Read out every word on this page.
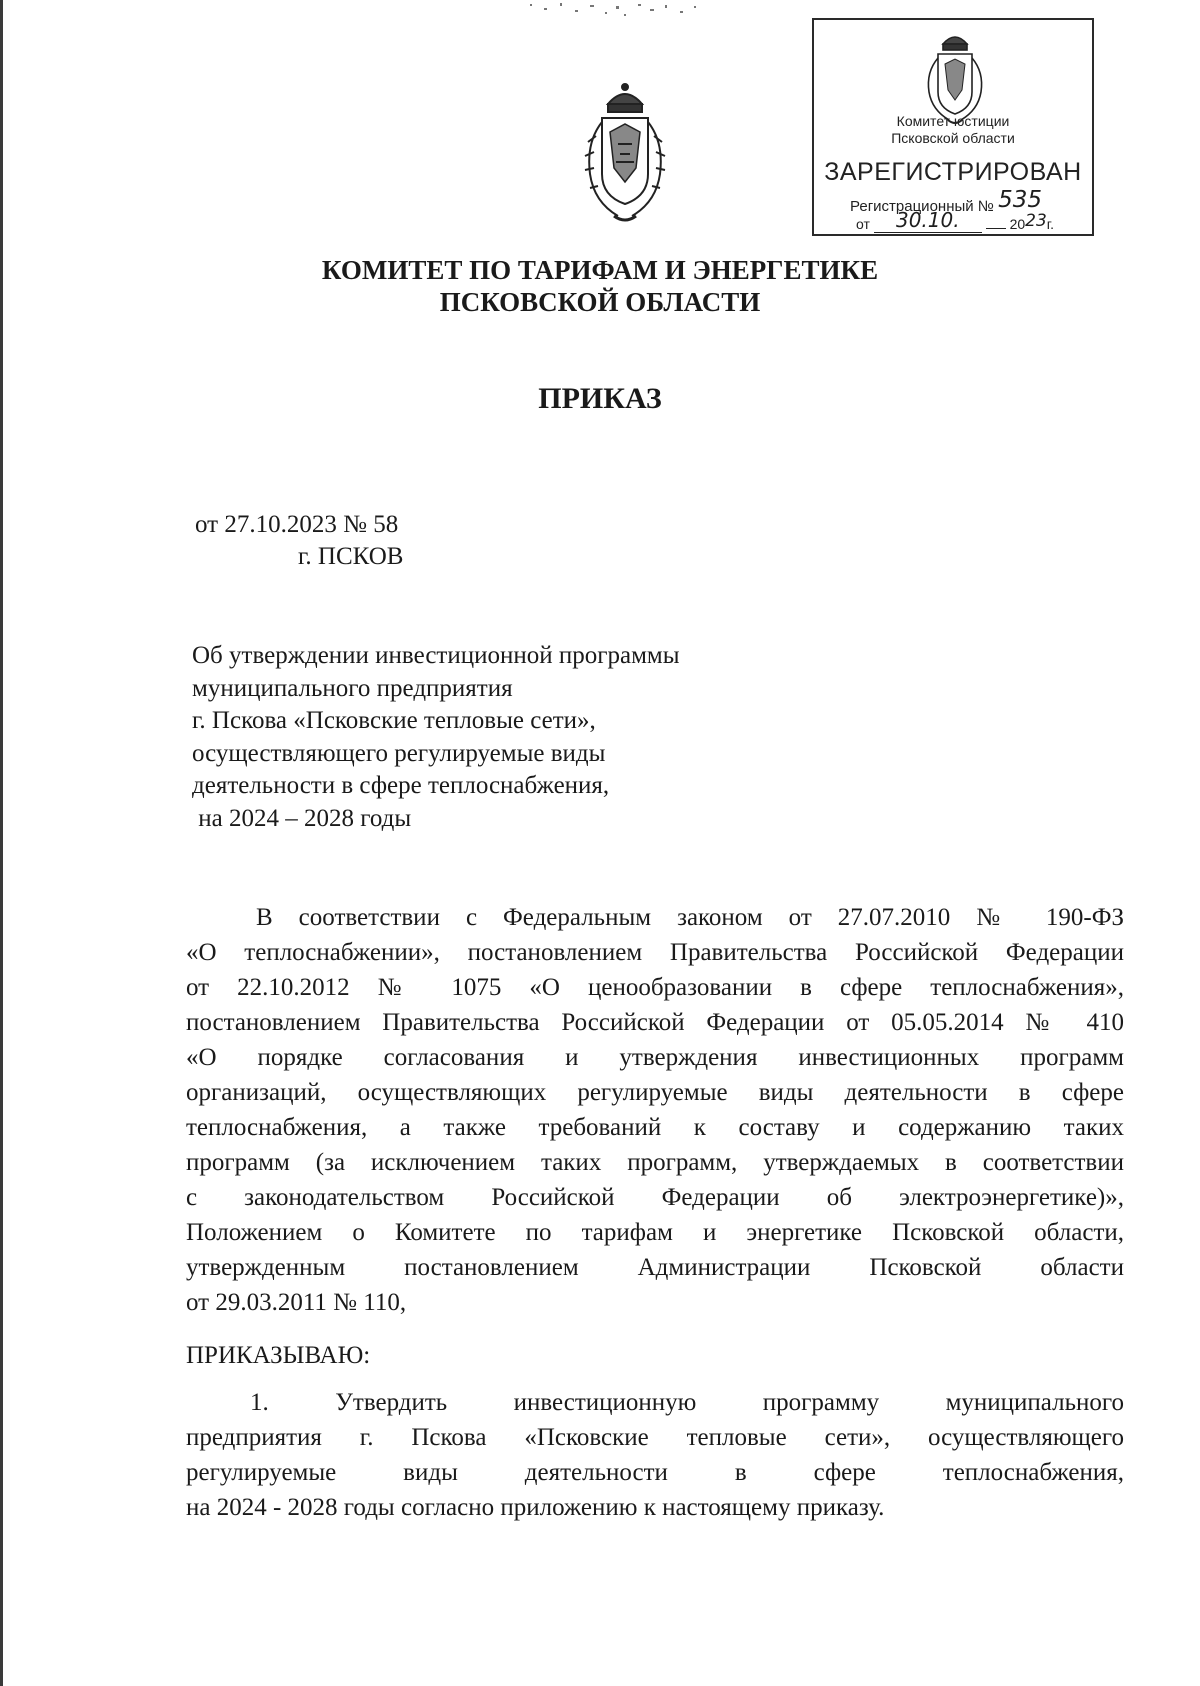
Комитет юстиции
Псковской области
ЗАРЕГИСТРИРОВАН
Регистрационный № 535
от 30.10.	2023г.
КОМИТЕТ ПО ТАРИФАМ И ЭНЕРГЕТИКЕ
ПСКОВСКОЙ ОБЛАСТИ
ПРИКАЗ
от 27.10.2023 № 58
г. ПСКОВ
Об утверждении инвестиционной программы
муниципального предприятия
г. Пскова «Псковские тепловые сети»,
осуществляющего регулируемые виды
деятельности в сфере теплоснабжения,
на 2024 – 2028 годы
В соответствии с Федеральным законом от 27.07.2010 № 190-ФЗ
«О теплоснабжении», постановлением Правительства Российской Федерации
от 22.10.2012 № 1075 «О ценообразовании в сфере теплоснабжения»,
постановлением Правительства Российской Федерации от 05.05.2014 № 410
«О порядке согласования и утверждения инвестиционных программ
организаций, осуществляющих регулируемые виды деятельности в сфере
теплоснабжения, а также требований к составу и содержанию таких
программ (за исключением таких программ, утверждаемых в соответствии
с законодательством Российской Федерации об электроэнергетике)»,
Положением о Комитете по тарифам и энергетике Псковской области,
утвержденным постановлением Администрации Псковской области
от 29.03.2011 № 110,
ПРИКАЗЫВАЮ:
1. Утвердить инвестиционную программу муниципального
предприятия г. Пскова «Псковские тепловые сети», осуществляющего
регулируемые виды деятельности в сфере теплоснабжения,
на 2024 - 2028 годы согласно приложению к настоящему приказу.
